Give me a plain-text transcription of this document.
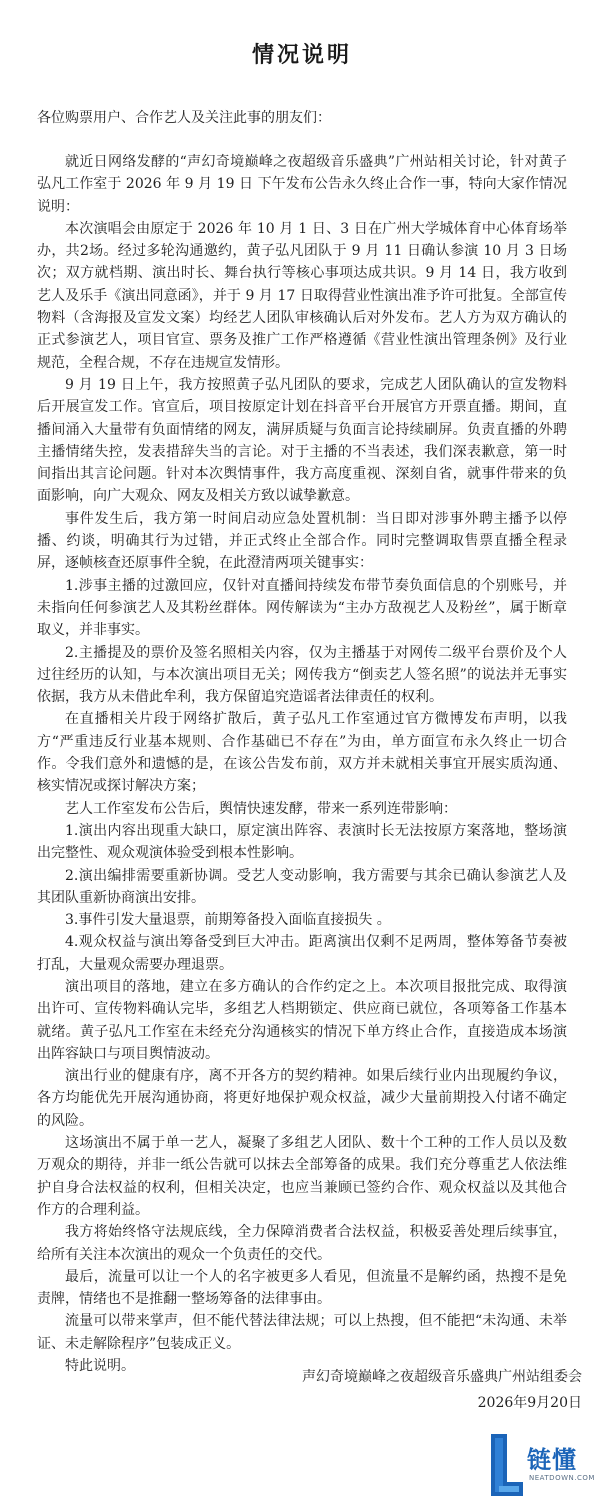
情况说明
各位购票用户、合作艺人及关注此事的朋友们：

就近日网络发酵的“声幻奇境巅峰之夜超级音乐盛典”广州站相关讨论，针对黄子弘凡工作室于 2026 年 9 月 19 日 下午发布公告永久终止合作一事，特向大家作情况说明：

本次演唱会由原定于 2026 年 10 月 1 日、3 日在广州大学城体育中心体育场举办，共2场。经过多轮沟通邀约，黄子弘凡团队于 9 月 11 日确认参演 10 月 3 日场次；双方就档期、演出时长、舞台执行等核心事项达成共识。9 月 14 日，我方收到艺人及乐手《演出同意函》，并于 9 月 17 日取得营业性演出准予许可批复。全部宣传物料（含海报及宣发文案）均经艺人团队审核确认后对外发布。艺人方为双方确认的正式参演艺人，项目官宣、票务及推广工作严格遵循《营业性演出管理条例》及行业规范，全程合规，不存在违规宣发情形。

9 月 19 日上午，我方按照黄子弘凡团队的要求，完成艺人团队确认的宣发物料后开展宣发工作。官宣后，项目按原定计划在抖音平台开展官方开票直播。期间，直播间涌入大量带有负面情绪的网友，满屏质疑与负面言论持续刷屏。负责直播的外聘主播情绪失控，发表措辞失当的言论。对于主播的不当表述，我们深表歉意，第一时间指出其言论问题。针对本次舆情事件，我方高度重视、深刻自省，就事件带来的负面影响，向广大观众、网友及相关方致以诚挚歉意。

事件发生后，我方第一时间启动应急处置机制：当日即对涉事外聘主播予以停播、约谈，明确其行为过错，并正式终止全部合作。同时完整调取售票直播全程录屏，逐帧核查还原事件全貌，在此澄清两项关键事实：

1.涉事主播的过激回应，仅针对直播间持续发布带节奏负面信息的个别账号，并未指向任何参演艺人及其粉丝群体。网传解读为“主办方敌视艺人及粉丝”，属于断章取义，并非事实。

2.主播提及的票价及签名照相关内容，仅为主播基于对网传二级平台票价及个人过往经历的认知，与本次演出项目无关；网传我方“倒卖艺人签名照”的说法并无事实依据，我方从未借此牟利，我方保留追究造谣者法律责任的权利。

在直播相关片段于网络扩散后，黄子弘凡工作室通过官方微博发布声明，以我方“严重违反行业基本规则、合作基础已不存在”为由，单方面宣布永久终止一切合作。令我们意外和遗憾的是，在该公告发布前，双方并未就相关事宜开展实质沟通、核实情况或探讨解决方案；

艺人工作室发布公告后，舆情快速发酵，带来一系列连带影响：

1.演出内容出现重大缺口，原定演出阵容、表演时长无法按原方案落地，整场演出完整性、观众观演体验受到根本性影响。

2.演出编排需要重新协调。受艺人变动影响，我方需要与其余已确认参演艺人及其团队重新协商演出安排。

3.事件引发大量退票，前期筹备投入面临直接损失 。

4.观众权益与演出筹备受到巨大冲击。距离演出仅剩不足两周，整体筹备节奏被打乱，大量观众需要办理退票。

演出项目的落地，建立在多方确认的合作约定之上。本次项目报批完成、取得演出许可、宣传物料确认完毕，多组艺人档期锁定、供应商已就位，各项筹备工作基本就绪。黄子弘凡工作室在未经充分沟通核实的情况下单方终止合作，直接造成本场演出阵容缺口与项目舆情波动。

演出行业的健康有序，离不开各方的契约精神。如果后续行业内出现履约争议，各方均能优先开展沟通协商，将更好地保护观众权益，减少大量前期投入付诸不确定的风险。

这场演出不属于单一艺人，凝聚了多组艺人团队、数十个工种的工作人员以及数万观众的期待，并非一纸公告就可以抹去全部筹备的成果。我们充分尊重艺人依法维护自身合法权益的权利，但相关决定，也应当兼顾已签约合作、观众权益以及其他合作方的合理利益。

我方将始终恪守法规底线，全力保障消费者合法权益，积极妥善处理后续事宜，给所有关注本次演出的观众一个负责任的交代。

最后，流量可以让一个人的名字被更多人看见，但流量不是解约函，热搜不是免责牌，情绪也不是推翻一整场筹备的法律事由。

流量可以带来掌声，但不能代替法律法规；可以上热搜，但不能把“未沟通、未举证、未走解除程序”包装成正义。

特此说明。

声幻奇境巅峰之夜超级音乐盛典广州站组委会
2026年9月20日
链懂
NEATDOWN.COM
